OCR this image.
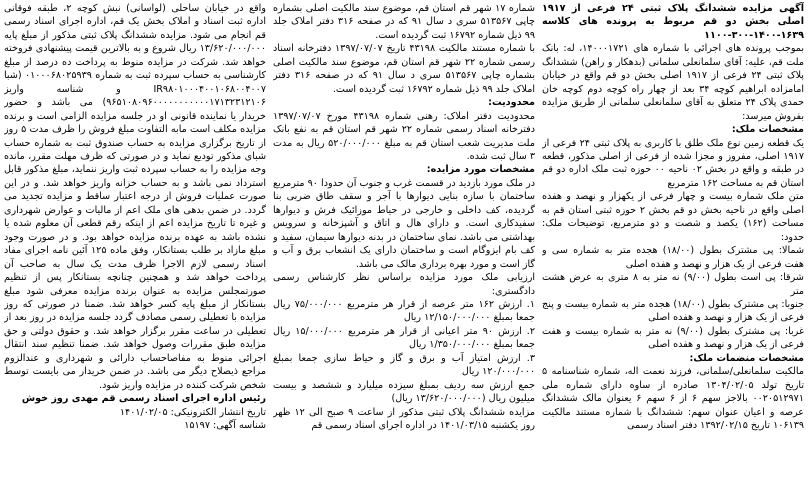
آگهی مزایده ششدانگ پلاک ثبتی ۲۴ فرعی از ۱۹۱۷ اصلی بخش دو قم مربوط به پرونده های کلاسه ۱۶۳۹-۱۴۰۰-۳۰۰-۱۱۰۰

بموجب پرونده های اجرائی با شماره های ۱۴۰۰۰۱۷۲۱، له: بانک ملت قم، علیه: آقای سلمانعلی سلمانی (بدهکار و راهن) ششدانگ پلاک ثبتی ۲۴ فرعی از ۱۹۱۷ اصلی بخش دو قم واقع در خیابان امامزاده ابراهیم کوچه ۳۴ بعد از چهار راه کوچه دوم کوچه خان حمدی پلاک ۲۴ متعلق به آقای سلمانعلی سلمانی از طریق مزایده بفروش میرسد:

مشخصات ملک:

یک قطعه زمین نوع ملک طلق با کاربری به پلاک ثبتی ۲۴ فرعی از ۱۹۱۷ اصلی، مفروز و مجزا شده از فرعی از اصلی مذکور، قطعه در طبقه و واقع در بخش ۰۲ ناحیه ۰۰ حوزه ثبت ملک اداره دو قم استان قم به مساحت ۱۶۲ مترمربع

متن ملک شماره بیست و چهار فرعی از یکهزار و نهصد و هفده اصلی واقع در ناحیه بخش دو قم بخش ۲ حوزه ثبتی استان قم به مساحت (۱۶۲) یکصد و شصت و دو مترمربع، توضیحات ملک: حدود:

شمالا: پی مشترک بطول (۱۸/۰۰) هجده متر به شماره سی و هفت فرعی از یک هزار و نهصد و هفده اصلی

شرقا: پی است بطول (۹/۰۰) نه متر به ۸ متری به عرض هشت متر

جنوبا: پی مشترک بطول (۱۸/۰۰) هجده متر به شماره بیست و پنج فرعی از یک هزار و نهصد و هفده اصلی

غربا: پی مشترک بطول (۹/۰۰) نه متر به شماره بیست و هفت فرعی از یک هزار و نهصد و هفده اصلی

مشخصات منضمات ملک:

مالکیت سلمانعلی/سلمانی، فرزند نعمت اله، شماره شناسنامه ۵ تاریخ تولد ۱۳۰۴/۰۲/۰۵ صادره از ساوه دارای شماره ملی ۰۰۲۰۵۱۲۹۷۱ بالاجز سهم ۶ از ۶ سهم ۶ یعنوان مالک ششدانگ عرصه و اعیان عنوان سهم: ششدانگ با شماره مستند مالکیت ۱۰۶۱۳۹ تاریخ ۱۳۹۲/۰۲/۱۵ دفتر اسناد رسمی

شماره ۱۷ شهر قم استان قم، موضوع سند مالکیت اصلی بشماره چاپی ۵۱۳۵۶۷ سری د سال ۹۱ که در صفحه ۳۱۶ دفتر املاک جلد ۹۹ ذیل شماره ۱۶۷۹۲ ثبت گردیده است.

با شماره مستند مالکیت ۴۳۱۹۸ تاریخ ۱۳۹۷/۰۷/۰۷ دفترخانه اسناد رسمی شماره ۲۲ شهر قم استان قم، موضوع سند مالکیت اصلی بشماره چاپی ۵۱۳۵۶۷ سری د سال ۹۱ که در صفحه ۳۱۶ دفتر املاک جلد ۹۹ ذیل شماره ۱۶۷۹۲ ثبت گردیده است.

محدودیت:

محدودیت دفتر املاک: رهنی شماره ۴۳۱۹۸ مورخ ۱۳۹۷/۰۷/۰۷ دفترخانه اسناد رسمی شماره ۲۲ شهر قم استان قم به نفع بانک ملت مدیریت شعب استان قم به مبلغ ۵۲۰/۰۰۰/۰۰۰ ریال به مدت ۳ سال ثبت شده.

مشخصات مورد مزایده:

در ملک مورد بازدید در قسمت غرب و جنوب آن حدودا ۹۰ مترمربع ساختمان با سازه بنایی دیوارها با آجر و سقف طاق ضربی بنا گردیده، کف داخلی و خارجی در حیاط موزائیک فرش و دیوارها سفیدکاری است. و دارای هال و اتاق و آشپزخانه و سرویس بهداشتی می باشد. نمای ساختمان در بدنه دیوارها سیمان، سفید و کف بام ایزوگام است و ساختمان دارای یک انشعاب برق و آب و گاز است و مورد بهره برداری مالک می باشد.

ارزیابی ملک مورد مزایده براساس نظر کارشناس رسمی دادگستری:

۱. ارزش ۱۶۲ متر عرصه از قرار هر مترمربع ۷۵/۰۰۰/۰۰۰ ریال جمعا بمبلغ ۱۲/۱۵۰/۰۰۰/۰۰۰ ریال

۲. ارزش ۹۰ متر اعیانی از قرار هر مترمربع ۱۵/۰۰۰/۰۰۰ ریال جمعا بمبلغ ۱/۳۵۰/۰۰۰/۰۰۰ ریال

۳. ارزش امتیاز آب و برق و گاز و حیاط سازی جمعا بمبلغ ۱۲۰/۰۰۰/۰۰۰ ریال

جمع ارزش سه ردیف بمبلغ سیزده میلیارد و ششصد و بیست میلیون ریال (۱۳/۶۲۰/۰۰۰/۰۰۰ ریال)

مزایده ششدانگ پلاک ثبتی مذکور از ساعت ۹ صبح الی ۱۲ ظهر روز یکشنبه ۱۴۰۱/۰۳/۱۵ در اداره اجرای اسناد رسمی قم

واقع در خیابان ساحلی (لواسانی) نبش کوچه ۲، طبقه فوقانی اداره ثبت اسناد و املاک بخش یک قم، اداره اجرای اسناد رسمی قم انجام می شود. مزایده ششدانگ پلاک ثبتی مذکور از مبلغ پایه ۱۳/۶۲۰/۰۰۰/۰۰۰ ریال شروع و به بالاترین قیمت پیشنهادی فروخته خواهد شد. شرکت در مزایده منوط به پرداخت ده درصد از مبلغ کارشناسی به حساب سپرده ثبت به شماره ۰۱۰۰۰۶۸۰۲۵۹۳۹ (شبا IR۹۸۰۱۰۰۰۴۰۰۱۰۶۸۰۰۴۰۰۷ و شناسه واریز ۹۶۵۱۰۸۰۹۶۰۰۰۰۰۰۰۰۰۰۰۱۷۱۳۲۳۱۲۱۰۶) می باشد و حضور خریدار یا نماینده قانونی او در جلسه مزایده الزامی است و برنده مزایده مکلف است مابه التفاوت مبلغ فروش را ظرف مدت ۵ روز از تاریخ برگزاری مزایده به حساب صندوق ثبت به شماره حساب شبای مذکور تودیع نماید و در صورتی که ظرف مهلت مقرر، مانده وجه مزایده را به حساب سپرده ثبت واریز ننماید، مبلغ مذکور قابل استرداد نمی باشد و به حساب خزانه واریز خواهد شد. و در این صورت عملیات فروش از درجه اعتبار ساقط و مزایده تجدید می گردد. در ضمن بدهی های ملک اعم از مالیات و عوارض شهرداری و غیره تا تاریخ مزایده اعم از اینکه رقم قطعی آن معلوم شده یا نشده باشد به عهده برنده مزایده خواهد بود. و در صورت وجود مبلغ مازاد بر طلب بستانکار، وفق ماده ۱۲۵ آئین نامه اجرای مفاد اسناد رسمی لازم الاجرا ظرف مدت یک سال به صاحب آن پرداخت خواهد شد و همچنین چنانچه بستانکار پس از تنظیم صورتمجلس مزایده به عنوان برنده مزایده معرفی شود مبلغ بستانکار از مبلغ پایه کسر خواهد شد. ضمنا در صورتی که روز مزایده با تعطیلی رسمی مصادف گردد جلسه مزایده در روز بعد از تعطیلی در ساعت مقرر برگزار خواهد شد. و حقوق دولتی و حق مزایده طبق مقررات وصول خواهد شد. ضمنا تنظیم سند انتقال اجرائی منوط به مفاصاحساب دارائی و شهرداری و عندالزوم مراجع ذیصلاح دیگر می باشد. در ضمن خریدار می بایست توسط شخص شرکت کننده در مزایده واریز شود.

رئیس اداره اجرای اسناد رسمی قم مهدی روز خوش

تاریخ انتشار الکترونیکی: ۱۴۰۱/۰۲/۰۵

شناسه آگهی: ۱۵۱۹۷
